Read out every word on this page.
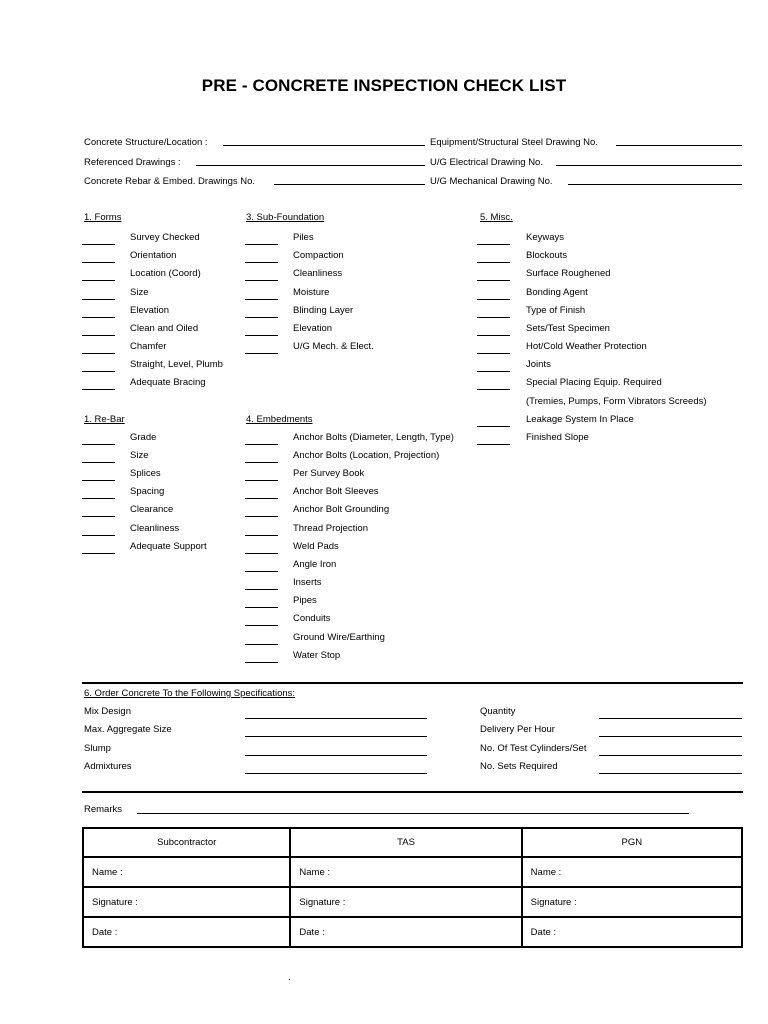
PRE - CONCRETE INSPECTION CHECK LIST
Concrete Structure/Location :	Equipment/Structural Steel Drawing No.
Referenced Drawings :	U/G Electrical Drawing No.
Concrete Rebar & Embed. Drawings No.	U/G Mechanical Drawing No.
1. Forms
Survey Checked
Orientation
Location (Coord)
Size
Elevation
Clean and Oiled
Chamfer
Straight, Level, Plumb
Adequate Bracing
1. Re-Bar
Grade
Size
Splices
Spacing
Clearance
Cleanliness
Adequate Support
3. Sub-Foundation
Piles
Compaction
Cleanliness
Moisture
Blinding Layer
Elevation
U/G Mech. & Elect.
4. Embedments
Anchor Bolts (Diameter, Length, Type)
Anchor Bolts (Location, Projection)
Per Survey Book
Anchor Bolt Sleeves
Anchor Bolt Grounding
Thread Projection
Weld Pads
Angle Iron
Inserts
Pipes
Conduits
Ground Wire/Earthing
Water Stop
5. Misc.
Keyways
Blockouts
Surface Roughened
Bonding Agent
Type of Finish
Sets/Test Specimen
Hot/Cold Weather Protection
Joints
Special Placing Equip. Required
(Tremies, Pumps, Form Vibrators Screeds)
Leakage System In Place
Finished Slope
6. Order Concrete To the Following Specifications:
Mix Design
Max. Aggregate Size
Slump
Admixtures
Quantity
Delivery Per Hour
No. Of Test Cylinders/Set
No. Sets Required
Remarks
Subcontractor	TAS	PGN
Name :	Name :	Name :
Signature :	Signature :	Signature :
Date :	Date :	Date :
.
